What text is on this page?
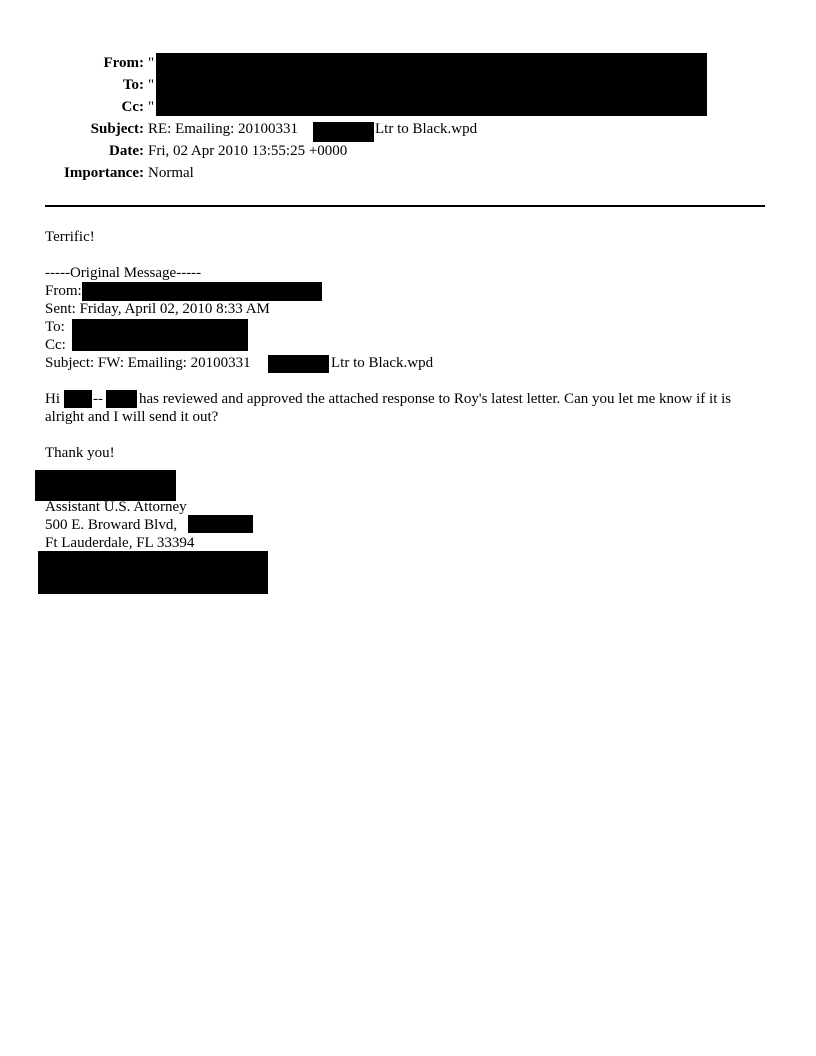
From: "
To: "
Cc: "
Subject: RE: Emailing: 20100331	Ltr to Black.wpd
Date: Fri, 02 Apr 2010 13:55:25 +0000
Importance: Normal
Terrific!
-----Original Message-----
From:
Sent: Friday, April 02, 2010 8:33 AM
To:
Cc:
Subject: FW: Emailing: 20100331	Ltr to Black.wpd
Hi -- has reviewed and approved the attached response to Roy's latest letter. Can you let me know if it is
alright and I will send it out?
Thank you!
Assistant U.S. Attorney
500 E. Broward Blvd,
Ft Lauderdale, FL 33394
